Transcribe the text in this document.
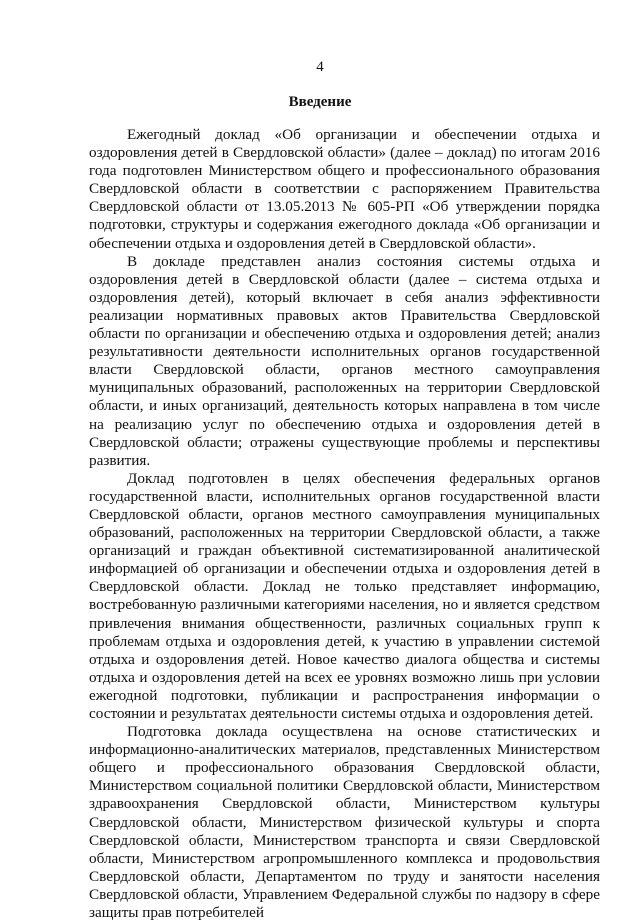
4
Введение

Ежегодный доклад «Об организации и обеспечении отдыха и оздоровления детей в Свердловской области» (далее – доклад) по итогам 2016 года подготовлен Министерством общего и профессионального образования Свердловской области в соответствии с распоряжением Правительства Свердловской области от 13.05.2013 № 605-РП «Об утверждении порядка подготовки, структуры и содержания ежегодного доклада «Об организации и обеспечении отдыха и оздоровления детей в Свердловской области».

В докладе представлен анализ состояния системы отдыха и оздоровления детей в Свердловской области (далее – система отдыха и оздоровления детей), который включает в себя анализ эффективности реализации нормативных правовых актов Правительства Свердловской области по организации и обеспечению отдыха и оздоровления детей; анализ результативности деятельности исполнительных органов государственной власти Свердловской области, органов местного самоуправления муниципальных образований, расположенных на территории Свердловской области, и иных организаций, деятельность которых направлена в том числе на реализацию услуг по обеспечению отдыха и оздоровления детей в Свердловской области; отражены существующие проблемы и перспективы развития.

Доклад подготовлен в целях обеспечения федеральных органов государственной власти, исполнительных органов государственной власти Свердловской области, органов местного самоуправления муниципальных образований, расположенных на территории Свердловской области, а также организаций и граждан объективной систематизированной аналитической информацией об организации и обеспечении отдыха и оздоровления детей в Свердловской области. Доклад не только представляет информацию, востребованную различными категориями населения, но и является средством привлечения внимания общественности, различных социальных групп к проблемам отдыха и оздоровления детей, к участию в управлении системой отдыха и оздоровления детей. Новое качество диалога общества и системы отдыха и оздоровления детей на всех ее уровнях возможно лишь при условии ежегодной подготовки, публикации и распространения информации о состоянии и результатах деятельности системы отдыха и оздоровления детей.

Подготовка доклада осуществлена на основе статистических и информационно-аналитических материалов, представленных Министерством общего и профессионального образования Свердловской области, Министерством социальной политики Свердловской области, Министерством здравоохранения Свердловской области, Министерством культуры Свердловской области, Министерством физической культуры и спорта Свердловской области, Министерством транспорта и связи Свердловской области, Министерством агропромышленного комплекса и продовольствия Свердловской области, Департаментом по труду и занятости населения Свердловской области, Управлением Федеральной службы по надзору в сфере защиты прав потребителей
